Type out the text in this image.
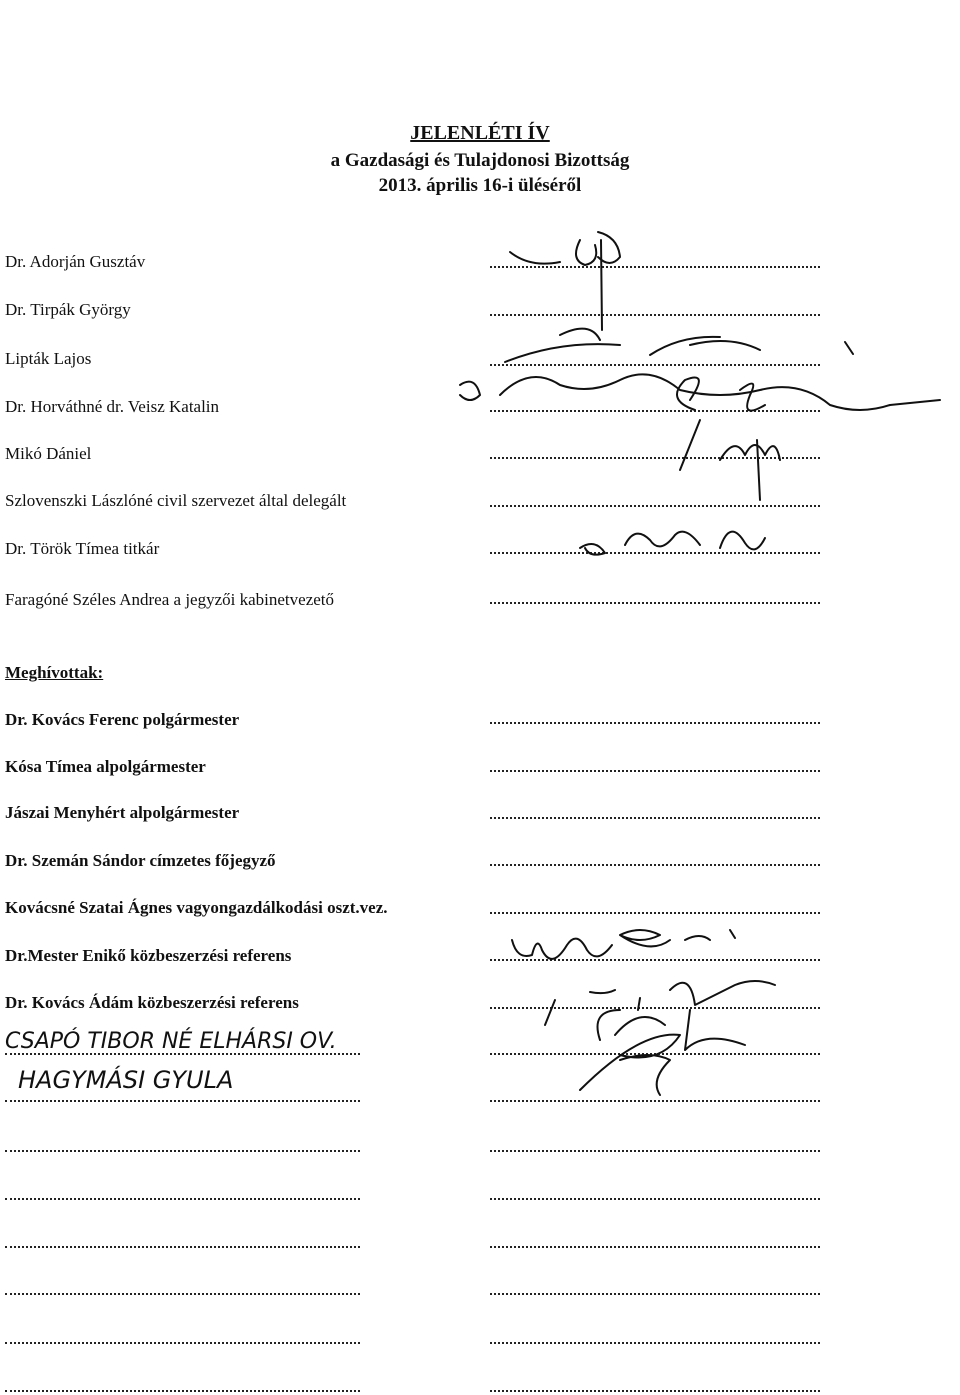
JELENLÉTI ÍV
a Gazdasági és Tulajdonosi Bizottság
2013. április 16-i üléséről
Dr. Adorján Gusztáv
Dr. Tirpák György
Lipták Lajos
Dr. Horváthné dr. Veisz Katalin
Mikó Dániel
Szlovenszki Lászlóné civil szervezet által delegált
Dr. Török Tímea titkár
Faragóné Széles Andrea a jegyzői kabinetvezető
Meghívottak:
Dr. Kovács Ferenc polgármester
Kósa Tímea alpolgármester
Jászai Menyhért alpolgármester
Dr. Szemán Sándor címzetes főjegyző
Kovácsné Szatai Ágnes vagyongazdálkodási oszt.vez.
Dr.Mester Enikő közbeszerzési referens
Dr. Kovács Ádám közbeszerzési referens
CSAPÓ TIBOR NÉ ELHÁRSI OV.
HAGYMÁSI GYULA
